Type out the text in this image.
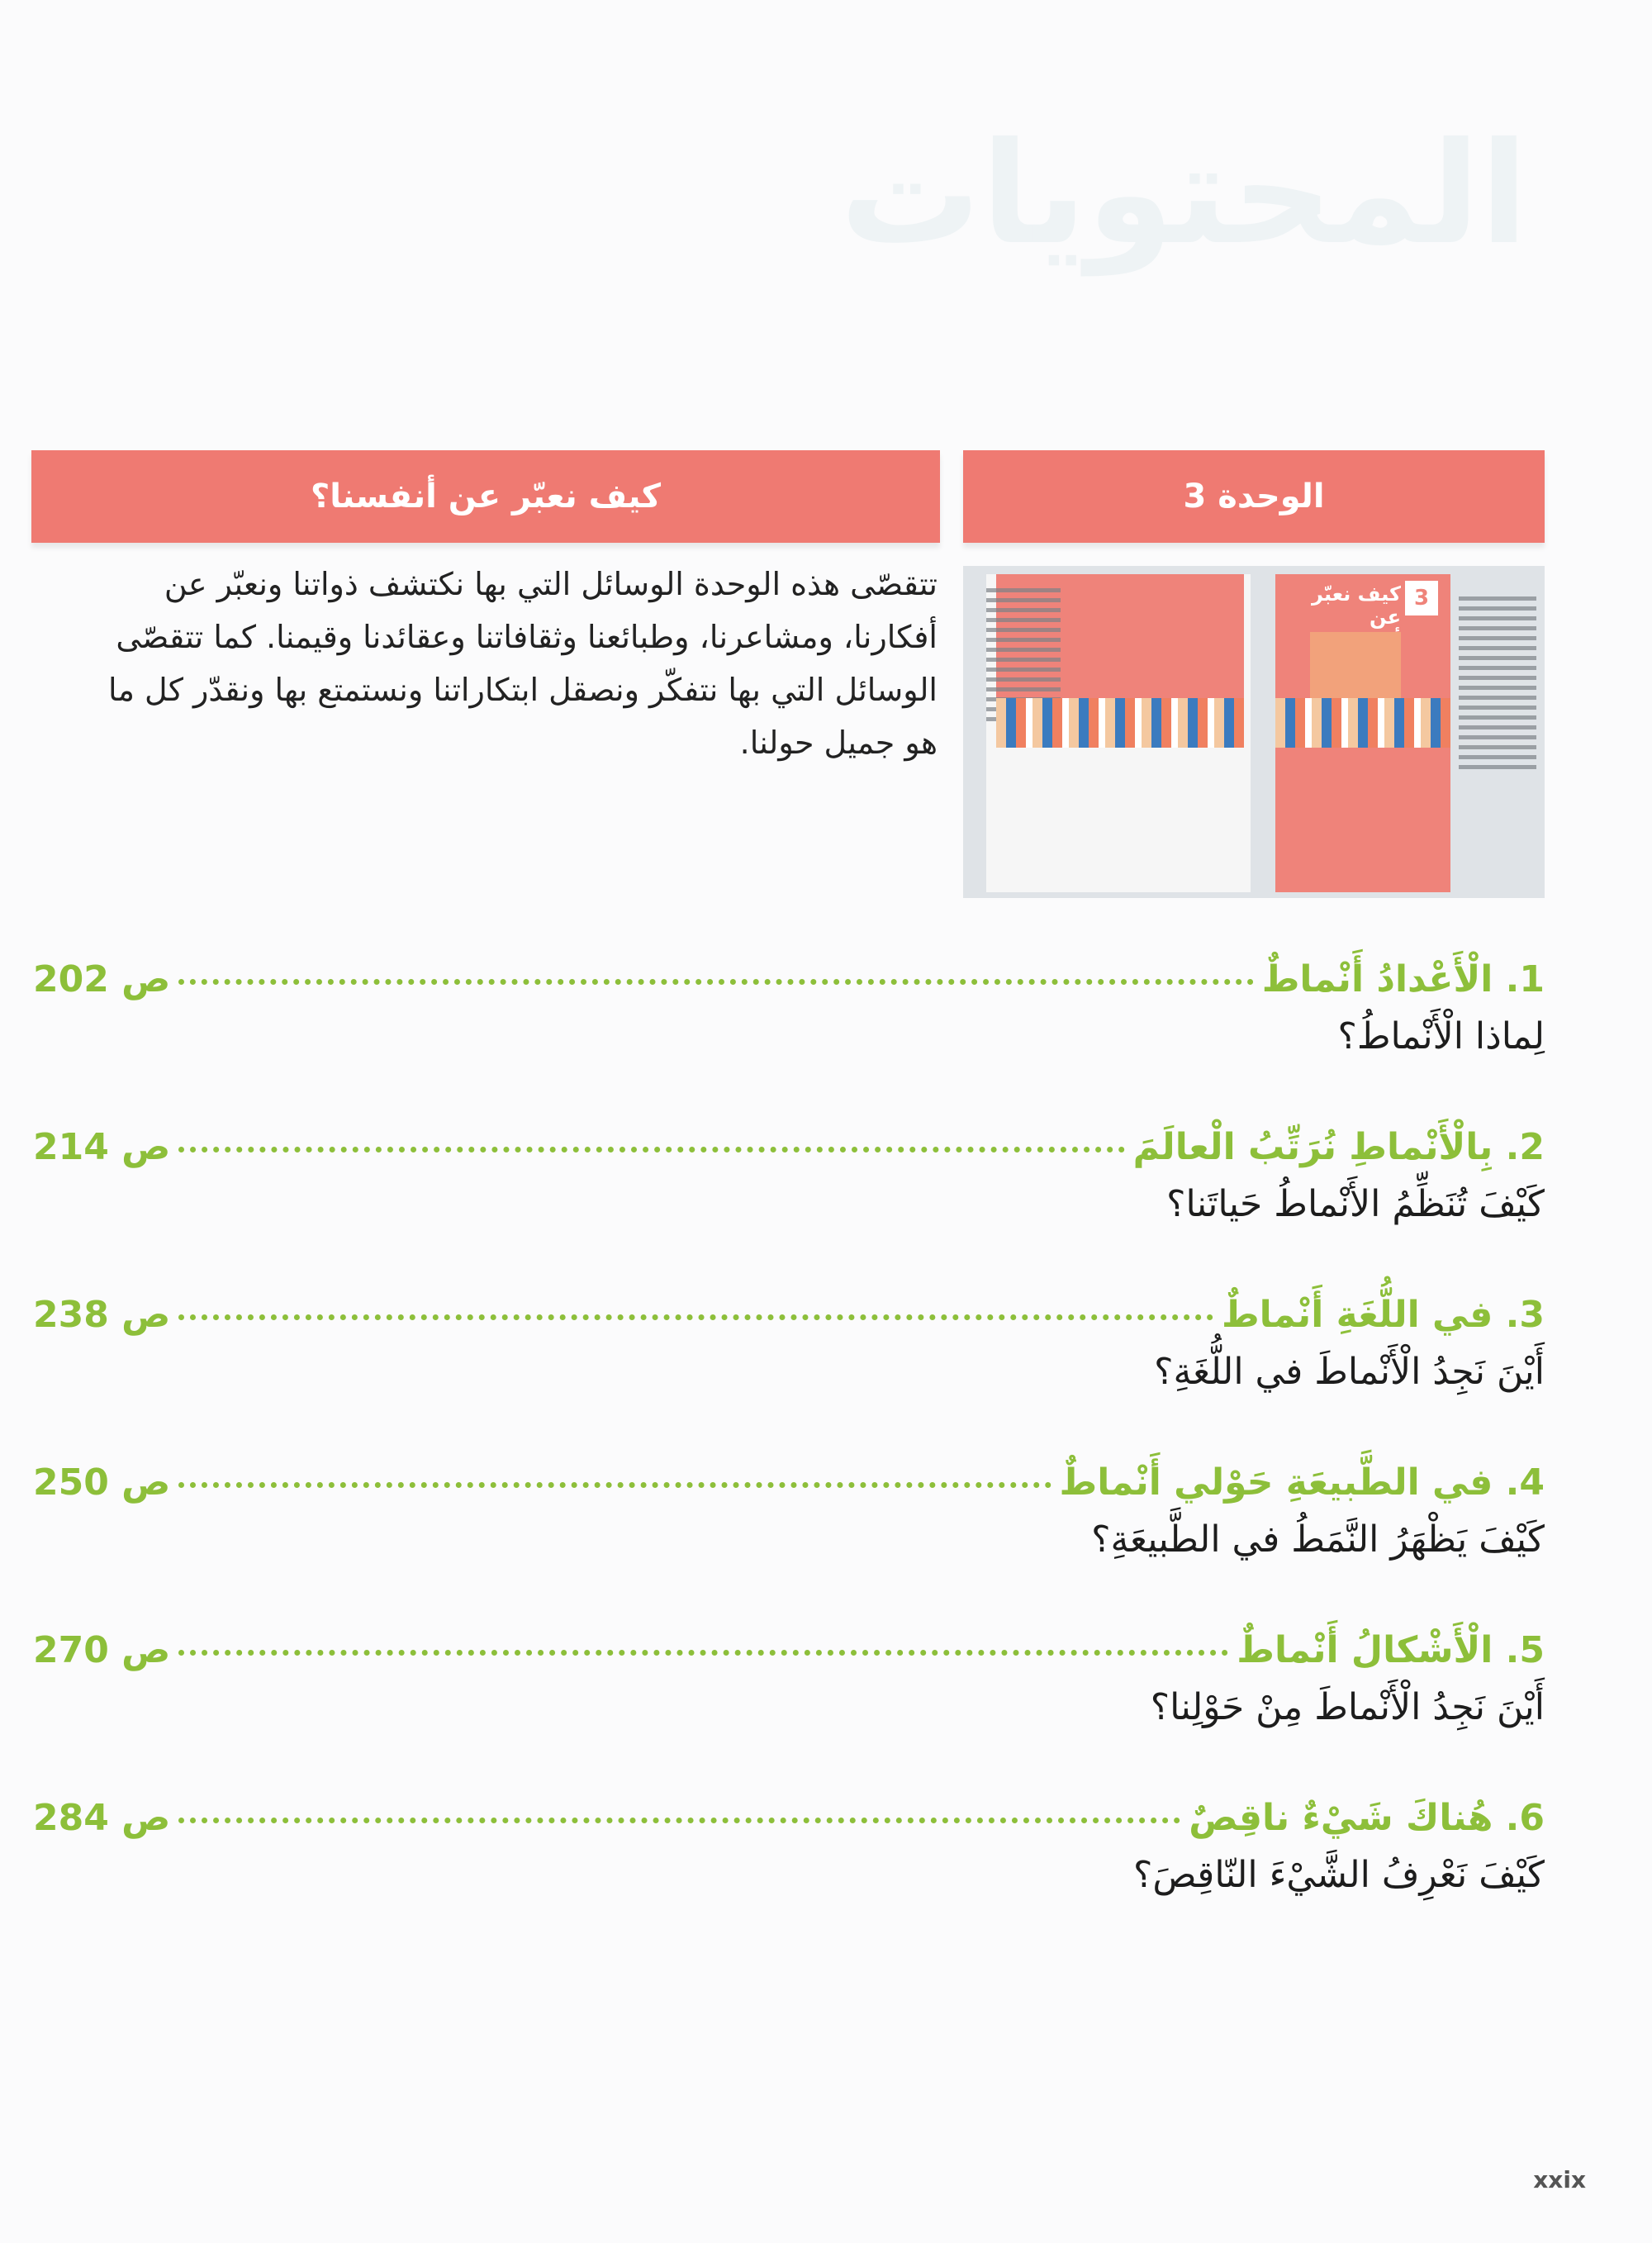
المحتويات
كيف نعبّر عن أنفسنا؟	الوحدة 3
تتقصّى هذه الوحدة الوسائل التي بها نكتشف ذواتنا ونعبّر عن أفكارنا، ومشاعرنا، وطبائعنا وثقافاتنا وعقائدنا وقيمنا. كما تتقصّى الوسائل التي بها نتفكّر ونصقل ابتكاراتنا ونستمتع بها ونقدّر كل ما هو جميل حولنا.
3
كيف نعبّر عن
1. الْأَعْدادُ أَنْماطٌ
ص 202
لِماذا الْأَنْماطُ؟
2. بِالْأَنْماطِ نُرَتِّبُ الْعالَمَ
ص 214
كَيْفَ تُنَظِّمُ الأَنْماطُ حَياتَنا؟
3. في اللُّغَةِ أَنْماطٌ
ص 238
أَيْنَ نَجِدُ الْأَنْماطَ في اللُّغَةِ؟
4. في الطَّبيعَةِ حَوْلي أَنْماطٌ
ص 250
كَيْفَ يَظْهَرُ النَّمَطُ في الطَّبيعَةِ؟
5. الْأَشْكالُ أَنْماطٌ
ص 270
أَيْنَ نَجِدُ الْأَنْماطَ مِنْ حَوْلِنا؟
6. هُناكَ شَيْءٌ ناقِصٌ
ص 284
كَيْفَ نَعْرِفُ الشَّيْءَ النّاقِصَ؟
xxix
